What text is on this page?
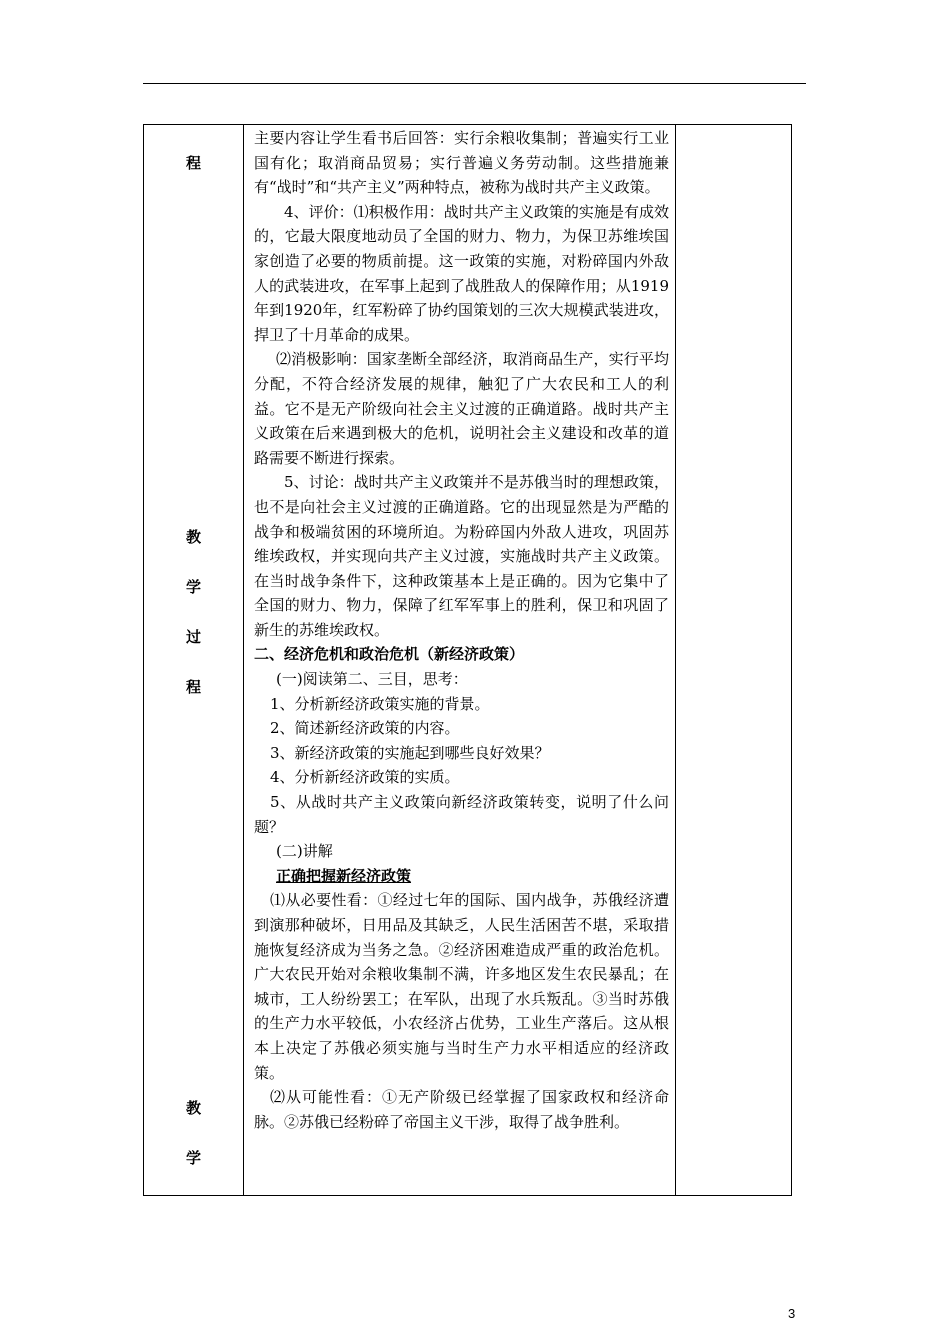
程
教
学
过
程
教
学

主要内容让学生看书后回答：实行余粮收集制；普遍实行工业国有化；取消商品贸易；实行普遍义务劳动制。这些措施兼有“战时”和“共产主义”两种特点，被称为战时共产主义政策。

4、评价：⑴积极作用：战时共产主义政策的实施是有成效的，它最大限度地动员了全国的财力、物力，为保卫苏维埃国家创造了必要的物质前提。这一政策的实施，对粉碎国内外敌人的武装进攻，在军事上起到了战胜敌人的保障作用；从1919年到1920年，红军粉碎了协约国策划的三次大规模武装进攻，捍卫了十月革命的成果。

⑵消极影响：国家垄断全部经济，取消商品生产，实行平均分配，不符合经济发展的规律，触犯了广大农民和工人的利益。它不是无产阶级向社会主义过渡的正确道路。战时共产主义政策在后来遇到极大的危机，说明社会主义建设和改革的道路需要不断进行探索。

5、讨论：战时共产主义政策并不是苏俄当时的理想政策，也不是向社会主义过渡的正确道路。它的出现显然是为严酷的战争和极端贫困的环境所迫。为粉碎国内外敌人进攻，巩固苏维埃政权，并实现向共产主义过渡，实施战时共产主义政策。在当时战争条件下，这种政策基本上是正确的。因为它集中了全国的财力、物力，保障了红军军事上的胜利，保卫和巩固了新生的苏维埃政权。

二、经济危机和政治危机（新经济政策）

(一)阅读第二、三目，思考：

1、分析新经济政策实施的背景。

2、简述新经济政策的内容。

3、新经济政策的实施起到哪些良好效果？

4、分析新经济政策的实质。

5、从战时共产主义政策向新经济政策转变，说明了什么问题？

(二)讲解

正确把握新经济政策

⑴从必要性看：①经过七年的国际、国内战争，苏俄经济遭到演那种破坏，日用品及其缺乏，人民生活困苦不堪，采取措施恢复经济成为当务之急。②经济困难造成严重的政治危机。广大农民开始对余粮收集制不满，许多地区发生农民暴乱；在城市，工人纷纷罢工；在军队，出现了水兵叛乱。③当时苏俄的生产力水平较低，小农经济占优势，工业生产落后。这从根本上决定了苏俄必须实施与当时生产力水平相适应的经济政策。

⑵从可能性看：①无产阶级已经掌握了国家政权和经济命脉。②苏俄已经粉碎了帝国主义干涉，取得了战争胜利。

3
